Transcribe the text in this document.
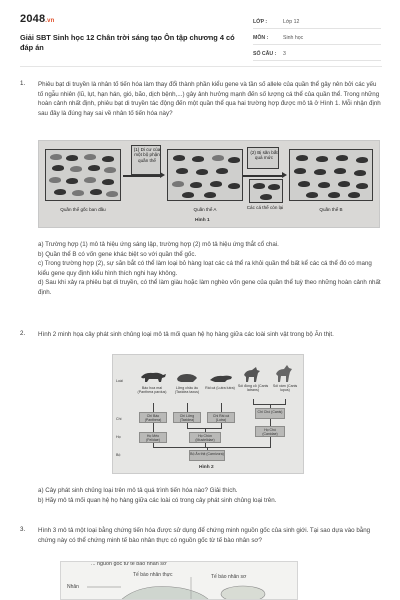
2048.vn
Giải SBT Sinh học 12 Chân trời sáng tạo Ôn tập chương 4 có đáp án
LỚP :	Lớp 12
MÔN :	Sinh học
SỐ CÂU :	3
1. Phiêu bạt di truyền là nhân tố tiến hóa làm thay đổi thành phần kiểu gene và tần số allele của quần thể gây nên bởi các yếu tố ngẫu nhiên (lũ, lụt, hạn hán, gió, bão, dịch bệnh,...) gây ảnh hưởng mạnh đến số lượng cá thể của quần thể. Trong những hoàn cảnh nhất định, phiêu bạt di truyền tác động đến một quần thể qua hai trường hợp được mô tả ở Hình 1. Mỗi nhận định sau đây là đúng hay sai về nhân tố tiến hóa này?
(1) Di cư của một bộ phận quần thể
(2) Bị săn bắt quá mức
Quần thể gốc ban đầu	Quần thể A	Các cá thể còn lại	Quần thể B
Hình 1
a) Trường hợp (1) mô tả hiệu ứng sáng lập, trường hợp (2) mô tả hiệu ứng thắt cổ chai.
b) Quần thể B có vốn gene khác biệt so với quần thể gốc.
c) Trong trường hợp (2), sự săn bắt có thể làm loại bỏ hàng loạt các cá thể ra khỏi quần thể bất kể các cá thể đó có mang kiểu gene quy định kiểu hình thích nghi hay không.
d) Sau khi xảy ra phiêu bạt di truyền, có thể làm giàu hoặc làm nghèo vốn gene của quần thể tuỳ theo những hoàn cảnh nhất định.
2. Hình 2 minh họa cây phát sinh chủng loại mô tả mối quan hệ họ hàng giữa các loài sinh vật trong bộ Ăn thịt.
Loài
Chi
Họ
Bộ
Báo hoa mai (Panthera pardus)
Lửng châu âu (Taxidea taxus)
Rái cá (Lutra lutra) Sói đồng cỏ (Canis latrans)
Sói xám (Canis lupus)
Chi Báo (Panthera)
Chi Lửng (Taxidea)
Chi Rái cá (Lutra)
Chi Chó (Canis)
Họ Mèo (Felidae)
Họ Chồn (Mustelidae)
Họ Chó (Canidae)
Bộ Ăn thịt (Carnivora)
Hình 2
a) Cây phát sinh chủng loại trên mô tả quá trình tiến hóa nào? Giải thích.
b) Hãy mô tả mối quan hệ họ hàng giữa các loài có trong cây phát sinh chủng loại trên.
3. Hình 3 mô tả một loại bằng chứng tiến hóa được sử dụng để chứng minh nguồn gốc của sinh giới. Tại sao dựa vào bằng chứng này có thể chứng minh tế bào nhân thực có nguồn gốc từ tế bào nhân sơ?
... nguồn gốc từ tế bào nhân sơ
Tế bào nhân thực	Tế bào nhân sơ
Nhân
